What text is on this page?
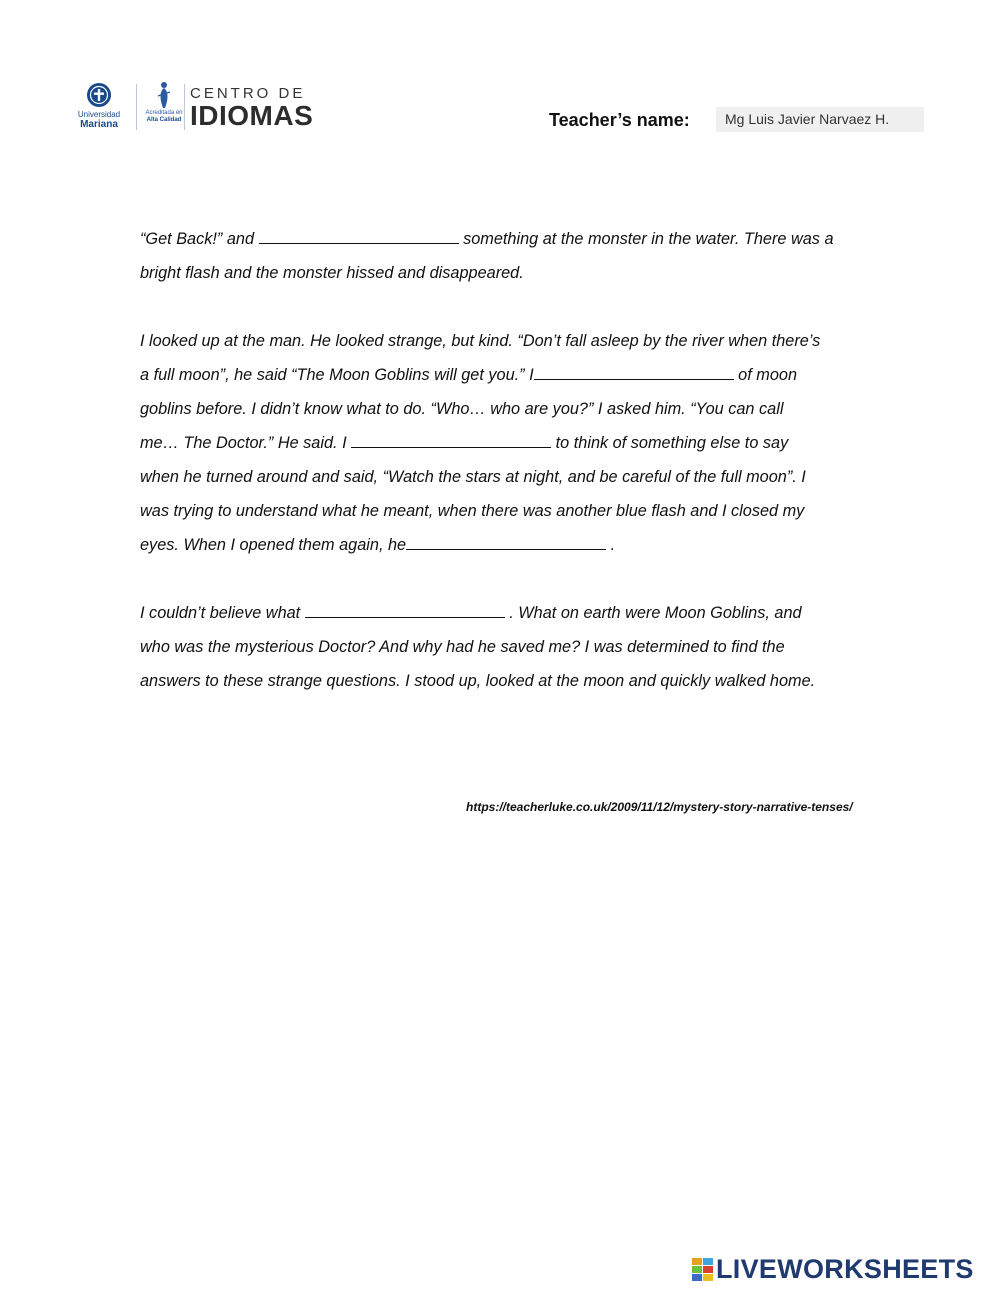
Universidad
Mariana
Acreditada en
Alta Calidad
CENTRO DE
IDIOMAS	Teacher’s name:	Mg Luis Javier Narvaez H.

“Get Back!” and	something at the monster in the water. There was a
bright flash and the monster hissed and disappeared.

I looked up at the man. He looked strange, but kind. “Don’t fall asleep by the river when there’s
a full moon”, he said “The Moon Goblins will get you.” I	of moon
goblins before. I didn’t know what to do. “Who… who are you?” I asked him. “You can call
me… The Doctor.” He said. I	to think of something else to say
when he turned around and said, “Watch the stars at night, and be careful of the full moon”. I
was trying to understand what he meant, when there was another blue flash and I closed my
eyes. When I opened them again, he	.

I couldn’t believe what	. What on earth were Moon Goblins, and
who was the mysterious Doctor? And why had he saved me? I was determined to find the
answers to these strange questions. I stood up, looked at the moon and quickly walked home.

https://teacherluke.co.uk/2009/11/12/mystery-story-narrative-tenses/
LIVEWORKSHEETS
